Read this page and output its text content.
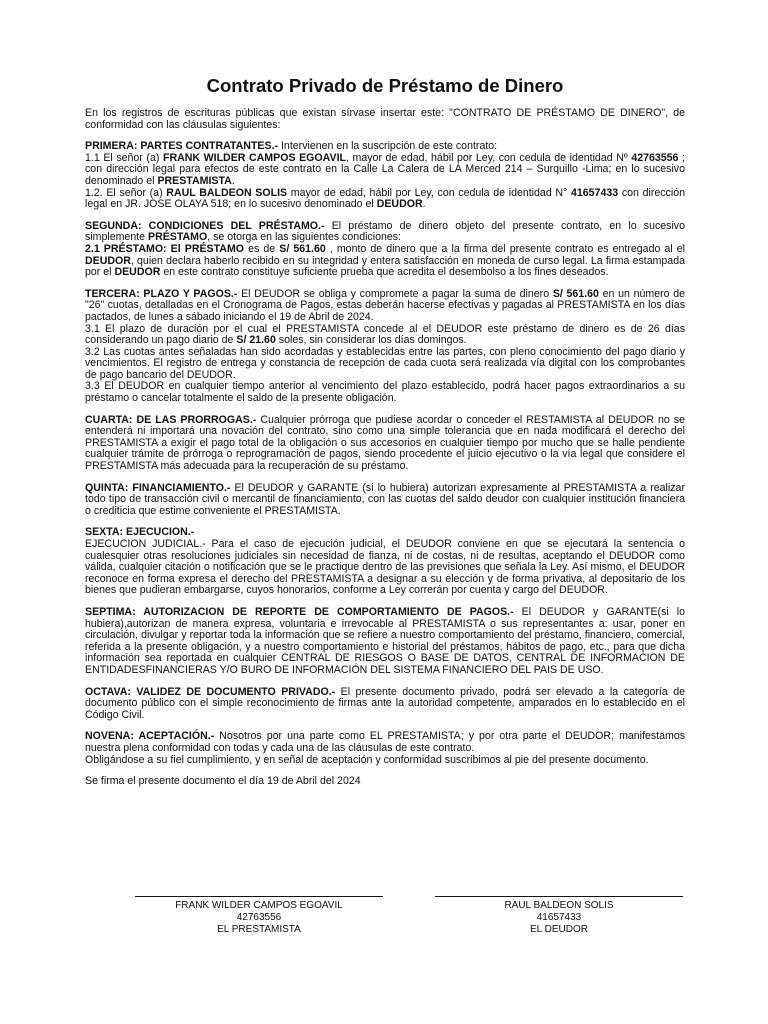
Contrato Privado de Préstamo de Dinero

En los registros de escrituras públicas que existan sírvase insertar este: "CONTRATO DE PRÉSTAMO DE DINERO", de conformidad con las cláusulas siguientes:

PRIMERA: PARTES CONTRATANTES.- Intervienen en la suscripción de este contrato:
1.1 El señor (a) FRANK WILDER CAMPOS EGOAVIL, mayor de edad, hábil por Ley, con cedula de identidad Nº 42763556 ; con dirección legal para efectos de este contrato en la Calle La Calera de LA Merced 214 – Surquillo -Lima; en lo sucesivo denominado el PRESTAMISTA.
1.2. El señor (a) RAUL BALDEON SOLIS mayor de edad, hábil por Ley, con cedula de identidad N° 41657433 con dirección legal en JR. JOSE OLAYA 518; en lo sucesivo denominado el DEUDOR.

SEGUNDA: CONDICIONES DEL PRÉSTAMO.- El préstamo de dinero objeto del presente contrato, en lo sucesivo simplemente PRÉSTAMO, se otorga en las siguientes condiciones:
2.1 PRÉSTAMO: El PRÉSTAMO es de S/ 561.60 , monto de dinero que a la firma del presente contrato es entregado al el DEUDOR, quien declara haberlo recibido en su integridad y entera satisfacción en moneda de curso legal. La firma estampada por el DEUDOR en este contrato constituye suficiente prueba que acredita el desembolso a los fines deseados.

TERCERA: PLAZO Y PAGOS.- El DEUDOR se obliga y compromete a pagar la suma de dinero S/ 561.60 en un número de "26" cuotas, detalladas en el Cronograma de Pagos, estas deberán hacerse efectivas y pagadas al PRESTAMISTA en los días pactados, de lunes a sábado iniciando el 19 de Abril de 2024.
3.1 El plazo de duración por el cual el PRESTAMISTA concede al el DEUDOR este préstamo de dinero es de 26 días considerando un pago diario de S/ 21.60 soles, sin considerar los días domingos.
3.2 Las cuotas antes señaladas han sido acordadas y establecidas entre las partes, con pleno conocimiento del pago diario y vencimientos. El registro de entrega y constancia de recepción de cada cuota será realizada vía digital con los comprobantes de pago bancario del DEUDOR.
3.3 El DEUDOR en cualquier tiempo anterior al vencimiento del plazo establecido, podrá hacer pagos extraordinarios a su préstamo o cancelar totalmente el saldo de la presente obligación.

CUARTA: DE LAS PRORROGAS.- Cualquier prórroga que pudiese acordar o conceder el RESTAMISTA al DEUDOR no se entenderá ni importará una novación del contrato, sino como una simple tolerancia que en nada modificará el derecho del PRESTAMISTA a exigir el pago total de la obligación o sus accesorios en cualquier tiempo por mucho que se halle pendiente cualquier trámite de prórroga o reprogramación de pagos, siendo procedente el juicio ejecutivo o la vía legal que considere el PRESTAMISTA más adecuada para la recuperación de su préstamo.

QUINTA: FINANCIAMIENTO.- El DEUDOR y GARANTE (si lo hubiera) autorizan expresamente al PRESTAMISTA a realizar todo tipo de transacción civil o mercantil de financiamiento, con las cuotas del saldo deudor con cualquier institución financiera o crediticia que estime conveniente el PRESTAMISTA.

SEXTA: EJECUCION.-
EJECUCION JUDICIAL.- Para el caso de ejecución judicial, el DEUDOR conviene en que se ejecutará la sentencia o cualesquier otras resoluciones judiciales sin necesidad de fianza, ni de costas, ni de resultas, aceptando el DEUDOR como válida, cualquier citación o notificación que se le practique dentro de las previsiones que señala la Ley. Así mismo, el DEUDOR reconoce en forma expresa el derecho del PRESTAMISTA a designar a su elección y de forma privativa, al depositario de los bienes que pudieran embargarse, cuyos honorarios, conforme a Ley correrán por cuenta y cargo del DEUDOR.

SEPTIMA: AUTORIZACION DE REPORTE DE COMPORTAMIENTO DE PAGOS.- El DEUDOR y GARANTE(si lo hubiera),autorizan de manera expresa, voluntaria e irrevocable al PRESTAMISTA o sus representantes a: usar, poner en circulación, divulgar y reportar toda la información que se refiere a nuestro comportamiento del préstamo, financiero, comercial, referida a la presente obligación, y a nuestro comportamiento e historial del préstamos, hábitos de pago, etc., para que dicha información sea reportada en cualquier CENTRAL DE RIESGOS O BASE DE DATOS, CENTRAL DE INFORMACION DE ENTIDADESFINANCIERAS Y/O BURO DE INFORMACIÓN DEL SISTEMA FINANCIERO DEL PAIS DE USO.

OCTAVA: VALIDEZ DE DOCUMENTO PRIVADO.- El presente documento privado, podrá ser elevado a la categoría de documento público con el simple reconocimiento de firmas ante la autoridad competente, amparados en lo establecido en el Código Civil.

NOVENA: ACEPTACIÓN.- Nosotros por una parte como EL PRESTAMISTA; y por otra parte el DEUDOR; manifestamos nuestra plena conformidad con todas y cada una de las cláusulas de este contrato.
Obligándose a su fiel cumplimiento, y en señal de aceptación y conformidad suscribimos al pie del presente documento.

Se firma el presente documento el día 19 de Abril del 2024

FRANK WILDER CAMPOS EGOAVIL
42763556
EL PRESTAMISTA
RAUL BALDEON SOLIS
41657433
EL DEUDOR
